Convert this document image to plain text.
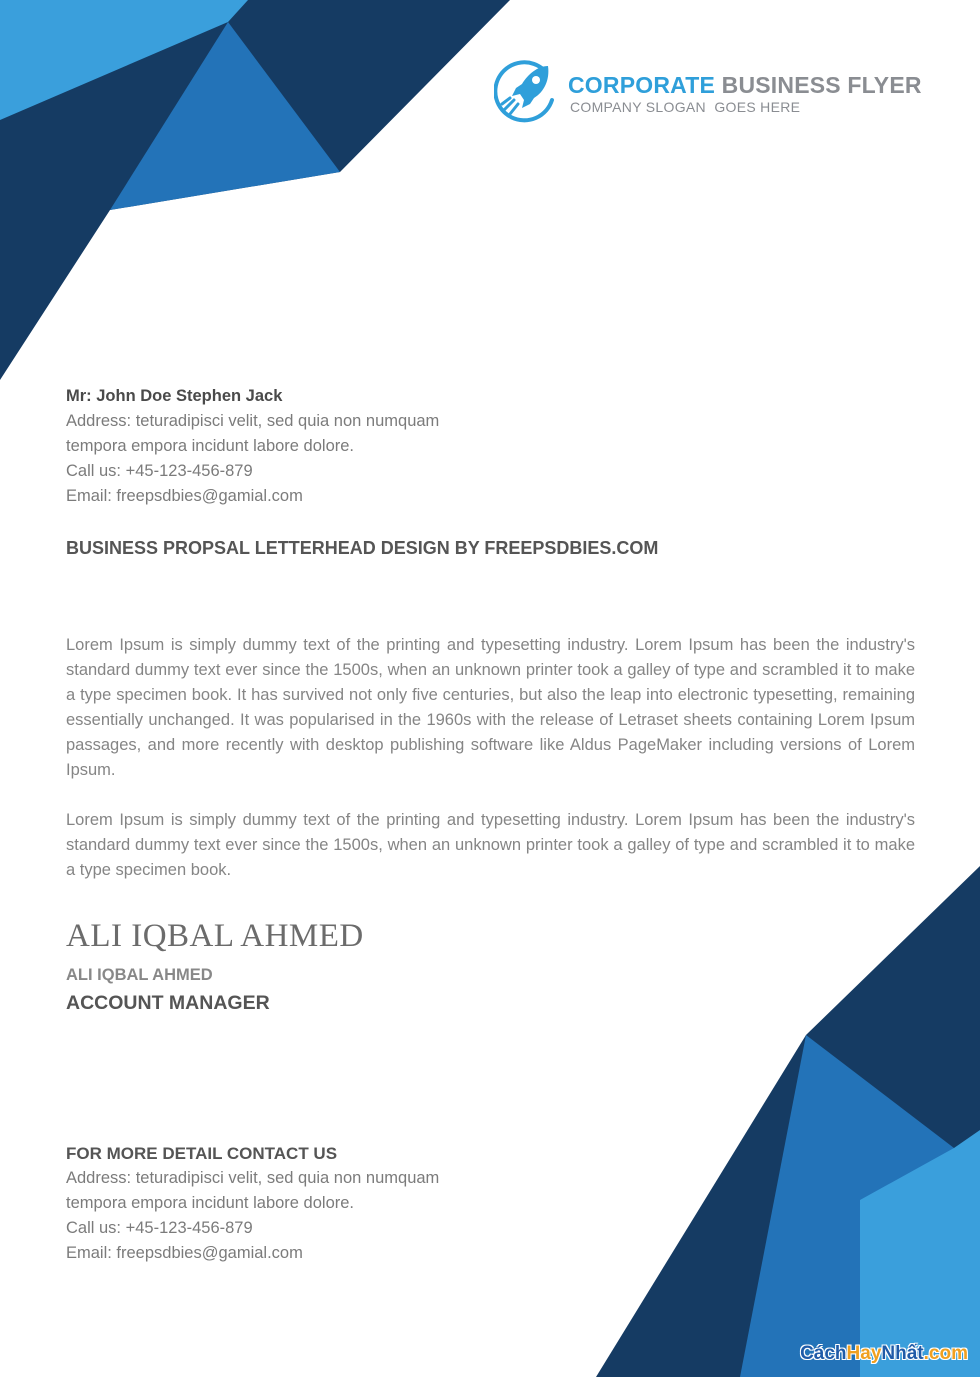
CORPORATE BUSINESS FLYER
COMPANY SLOGAN  GOES HERE
Mr: John Doe Stephen Jack
Address: teturadipisci velit, sed quia non numquam
tempora empora incidunt labore dolore.
Call us: +45-123-456-879
Email: freepsdbies@gamial.com
BUSINESS PROPSAL LETTERHEAD DESIGN BY FREEPSDBIES.COM
Lorem Ipsum is simply dummy text of the printing and typesetting industry. Lorem Ipsum has been the industry's standard dummy text ever since the 1500s, when an unknown printer took a galley of type and scrambled it to make a type specimen book. It has survived not only five centuries, but also the leap into electronic typesetting, remaining essentially unchanged. It was popularised in the 1960s with the release of Letraset sheets containing Lorem Ipsum passages, and more recently with desktop publishing software like Aldus PageMaker including versions of Lorem Ipsum.
Lorem Ipsum is simply dummy text of the printing and typesetting industry. Lorem Ipsum has been the industry's standard dummy text ever since the 1500s, when an unknown printer took a galley of type and scrambled it to make a type specimen book.
ALI IQBAL AHMED
ALI IQBAL AHMED
ACCOUNT MANAGER
FOR MORE DETAIL CONTACT US
Address: teturadipisci velit, sed quia non numquam
tempora empora incidunt labore dolore.
Call us: +45-123-456-879
Email: freepsdbies@gamial.com
CáchHayNhất.com
